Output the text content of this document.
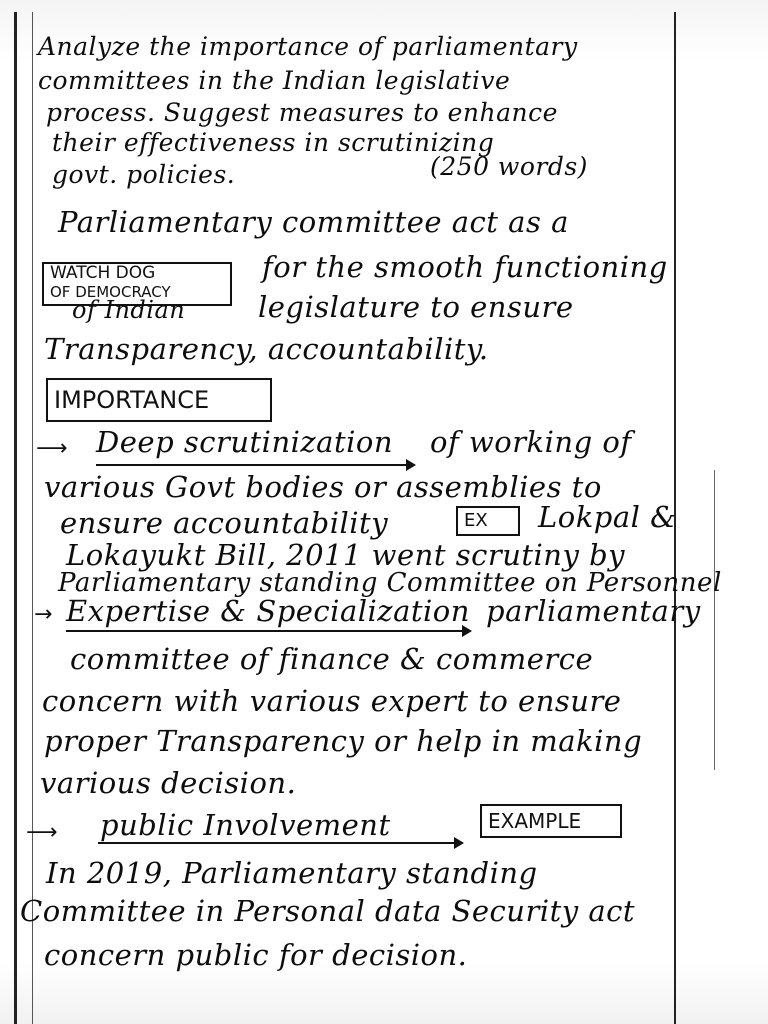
Analyze the importance of parliamentary
committees in the Indian legislative
process. Suggest measures to enhance
their effectiveness in scrutinizing
govt. policies.	(250 words)
Parliamentary committee act as a
WATCH DOG
OF DEMOCRACY
for the smooth functioning
of Indian	legislature to ensure
Transparency, accountability.
IMPORTANCE
⟶ Deep scrutinization of working of
various Govt bodies or assemblies to
ensure accountability	EX	Lokpal &
Lokayukt Bill, 2011 went scrutiny by
Parliamentary standing Committee on Personnel
→ Expertise & Specialization parliamentary
committee of finance & commerce
concern with various expert to ensure
proper Transparency or help in making
various decision.
⟶ public Involvement	EXAMPLE
In 2019, Parliamentary standing
Committee in Personal data Security act
concern public for decision.
